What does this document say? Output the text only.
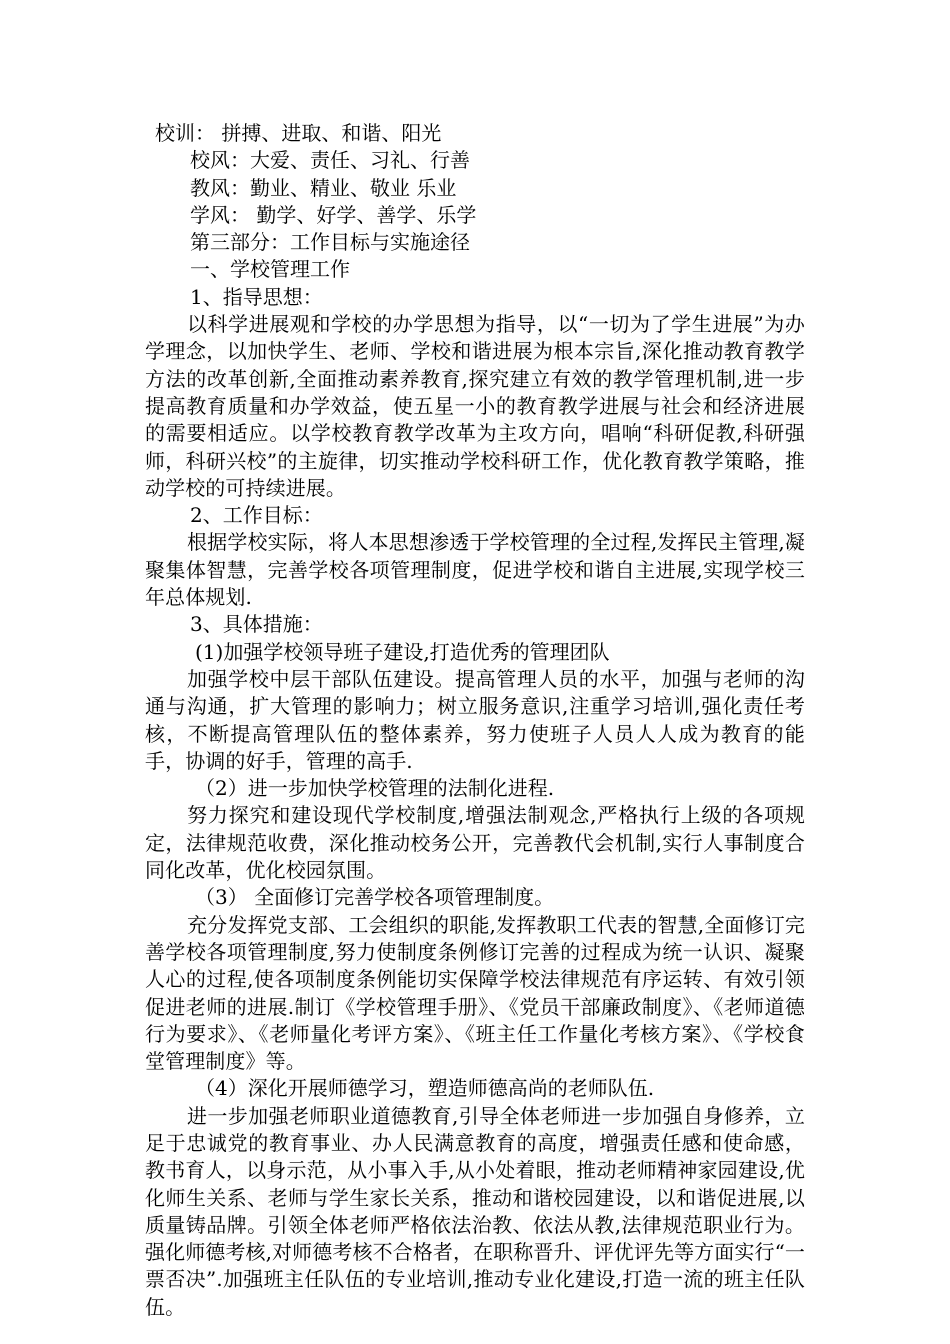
校训： 拼搏、进取、和谐、阳光
校风：大爱、责任、习礼、行善
教风：勤业、精业、敬业 乐业
学风： 勤学、好学、善学、乐学
第三部分：工作目标与实施途径
一、学校管理工作
1、指导思想：

以科学进展观和学校的办学思想为指导，以“一切为了学生进展”为办学理念，以加快学生、老师、学校和谐进展为根本宗旨,深化推动教育教学方法的改革创新,全面推动素养教育,探究建立有效的教学管理机制,进一步提高教育质量和办学效益，使五星一小的教育教学进展与社会和经济进展的需要相适应。以学校教育教学改革为主攻方向，唱响“科研促教,科研强师，科研兴校”的主旋律，切实推动学校科研工作，优化教育教学策略，推动学校的可持续进展。

2、工作目标：

根据学校实际，将人本思想渗透于学校管理的全过程,发挥民主管理,凝聚集体智慧，完善学校各项管理制度，促进学校和谐自主进展,实现学校三年总体规划.

3、具体措施：
(1)加强学校领导班子建设,打造优秀的管理团队

加强学校中层干部队伍建设。提高管理人员的水平，加强与老师的沟通与沟通，扩大管理的影响力；树立服务意识,注重学习培训,强化责任考核，不断提高管理队伍的整体素养，努力使班子人员人人成为教育的能手，协调的好手，管理的高手.

（2）进一步加快学校管理的法制化进程.

努力探究和建设现代学校制度,增强法制观念,严格执行上级的各项规定，法律规范收费，深化推动校务公开，完善教代会机制,实行人事制度合同化改革，优化校园氛围。

（3） 全面修订完善学校各项管理制度。

充分发挥党支部、工会组织的职能,发挥教职工代表的智慧,全面修订完善学校各项管理制度,努力使制度条例修订完善的过程成为统一认识、凝聚人心的过程,使各项制度条例能切实保障学校法律规范有序运转、有效引领促进老师的进展.制订《学校管理手册》、《党员干部廉政制度》、《老师道德行为要求》、《老师量化考评方案》、《班主任工作量化考核方案》、《学校食堂管理制度》等。

（4）深化开展师德学习，塑造师德高尚的老师队伍.

进一步加强老师职业道德教育,引导全体老师进一步加强自身修养，立足于忠诚党的教育事业、办人民满意教育的高度，增强责任感和使命感，教书育人，以身示范，从小事入手,从小处着眼，推动老师精神家园建设,优化师生关系、老师与学生家长关系，推动和谐校园建设，以和谐促进展,以质量铸品牌。引领全体老师严格依法治教、依法从教,法律规范职业行为。强化师德考核,对师德考核不合格者，在职称晋升、评优评先等方面实行“一票否决”.加强班主任队伍的专业培训,推动专业化建设,打造一流的班主任队伍。
